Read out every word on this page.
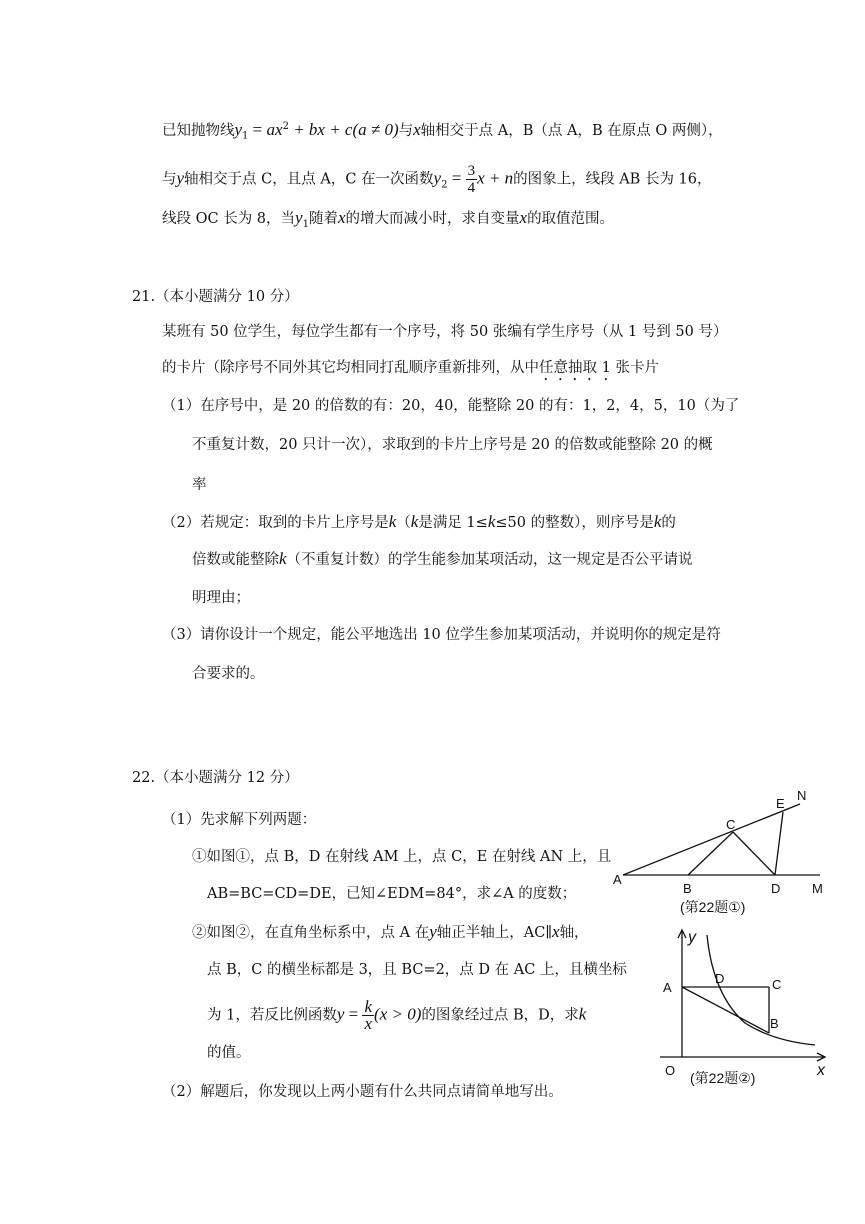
已知抛物线$y_1 = ax^2$ + bx + c(a ≠ 0)与x轴相交于点 A，B（点 A，B 在原点 O 两侧），
与y轴相交于点 C，且点 A，C 在一次函数$y_2 = \frac{3}{4}$ x + n的图象上，线段 AB 长为 16，
线段 OC 长为 8，当$y_1$随着x的增大而减小时，求自变量x的取值范围。
21.（本小题满分 10 分）
某班有 50 位学生，每位学生都有一个序号，将 50 张编有学生序号（从 1 号到 50 号）
的卡片（除序号不同外其它均相同打乱顺序重新排列，从中任意抽取 1 张卡片
（1）在序号中，是 20 的倍数的有：20，40，能整除 20 的有：1，2，4，5，10（为了
不重复计数，20 只计一次），求取到的卡片上序号是 20 的倍数或能整除 20 的概
率
（2）若规定：取到的卡片上序号是k（k是满足 1≤k≤50 的整数），则序号是k的
倍数或能整除k（不重复计数）的学生能参加某项活动，这一规定是否公平请说
明理由；
（3）请你设计一个规定，能公平地选出 10 位学生参加某项活动，并说明你的规定是符
合要求的。
22.（本小题满分 12 分）
（1）先求解下列两题：
①如图①，点 B，D 在射线 AM 上，点 C，E 在射线 AN 上，且
AB=BC=CD=DE，已知∠EDM=84°，求∠A 的度数；
②如图②，在直角坐标系中，点 A 在y轴正半轴上，AC∥x轴，
点 B，C 的横坐标都是 3，且 BC=2，点 D 在 AC 上，且横坐标
为 1，若反比例函数$y = \frac{k}{x} (x > 0)$的图象经过点 B，D，求k
的值。
（2）解题后，你发现以上两小题有什么共同点请简单地写出。
A
B
C
D
E
M
N
(第22题①)
y
x
O
A
D	C
B
(第22题②)
